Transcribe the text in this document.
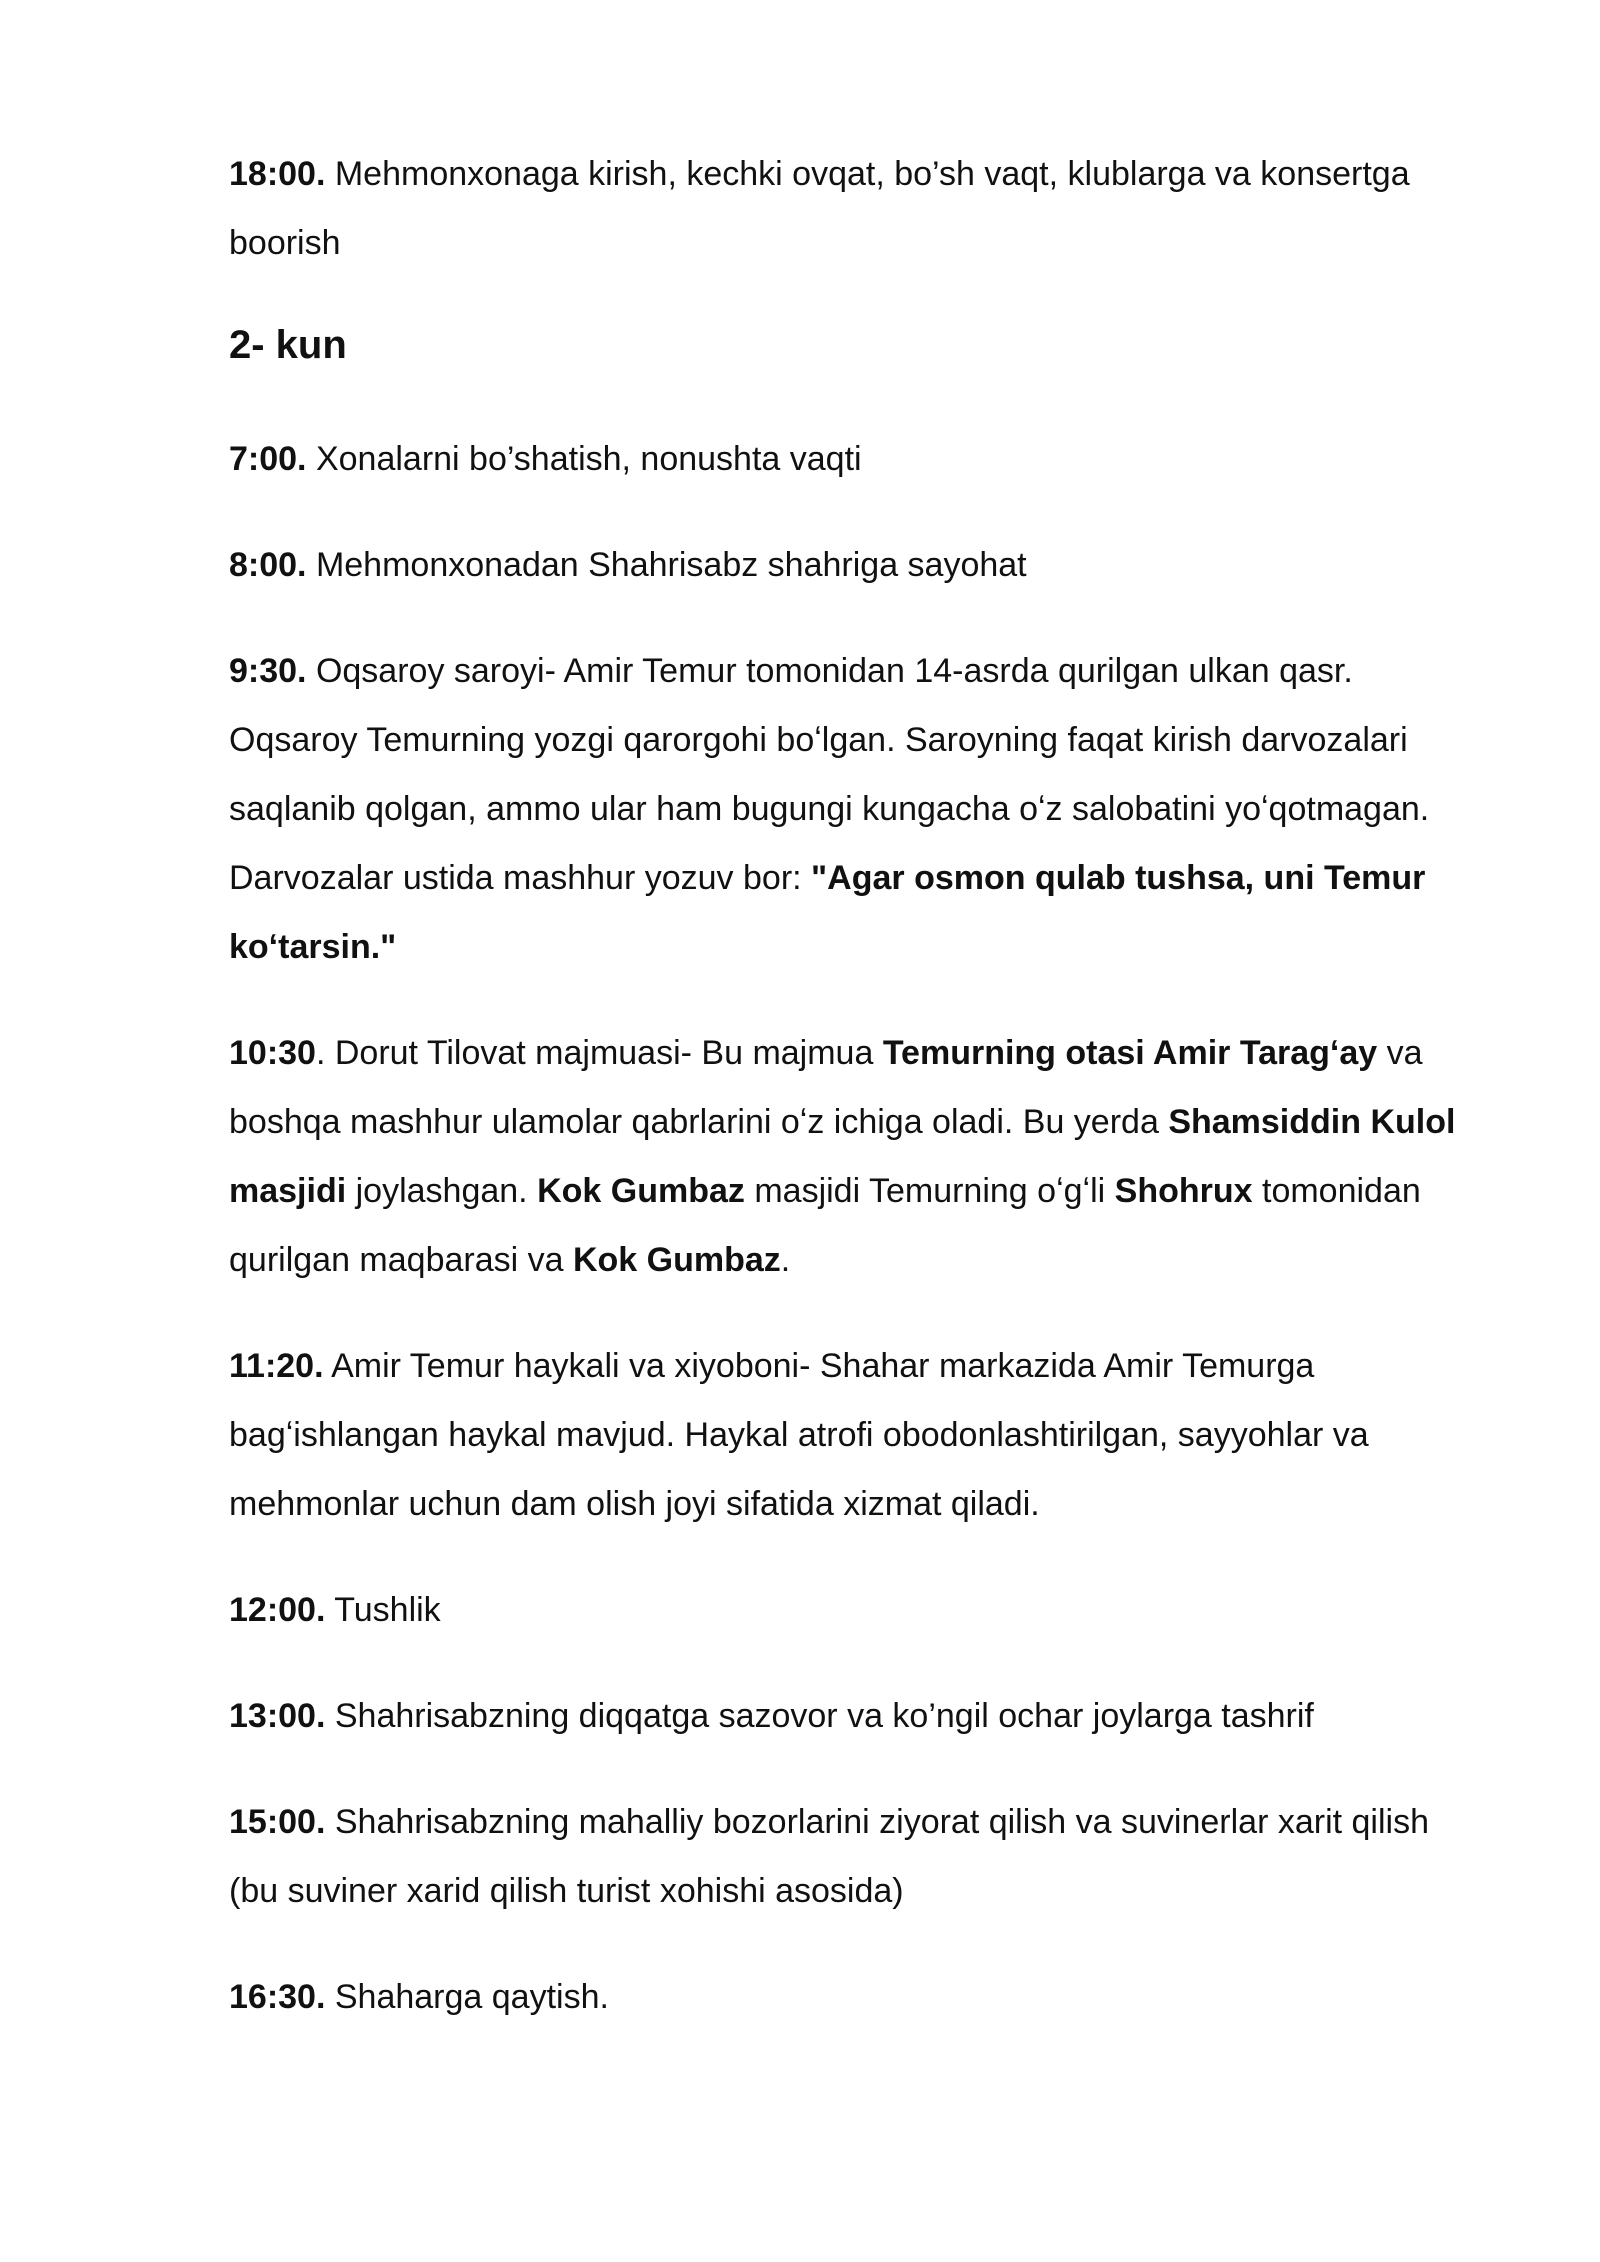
18:00. Mehmonxonaga kirish, kechki ovqat, bo’sh vaqt, klublarga va konsertga boorish

2- kun

7:00. Xonalarni bo’shatish, nonushta vaqti

8:00. Mehmonxonadan Shahrisabz shahriga sayohat

9:30. Oqsaroy saroyi- Amir Temur tomonidan 14-asrda qurilgan ulkan qasr. Oqsaroy Temurning yozgi qarorgohi boʻlgan. Saroyning faqat kirish darvozalari saqlanib qolgan, ammo ular ham bugungi kungacha oʻz salobatini yoʻqotmagan. Darvozalar ustida mashhur yozuv bor: "Agar osmon qulab tushsa, uni Temur koʻtarsin."

10:30. Dorut Tilovat majmuasi- Bu majmua Temurning otasi Amir Taragʻay va boshqa mashhur ulamolar qabrlarini oʻz ichiga oladi. Bu yerda Shamsiddin Kulol masjidi joylashgan. Kok Gumbaz masjidi Temurning oʻgʻli Shohrux tomonidan qurilgan maqbarasi va Kok Gumbaz.

11:20. Amir Temur haykali va xiyoboni- Shahar markazida Amir Temurga bagʻishlangan haykal mavjud. Haykal atrofi obodonlashtirilgan, sayyohlar va mehmonlar uchun dam olish joyi sifatida xizmat qiladi.

12:00. Tushlik

13:00. Shahrisabzning diqqatga sazovor va ko’ngil ochar joylarga tashrif

15:00. Shahrisabzning mahalliy bozorlarini ziyorat qilish va suvinerlar xarit qilish (bu suviner xarid qilish turist xohishi asosida)

16:30. Shaharga qaytish.
